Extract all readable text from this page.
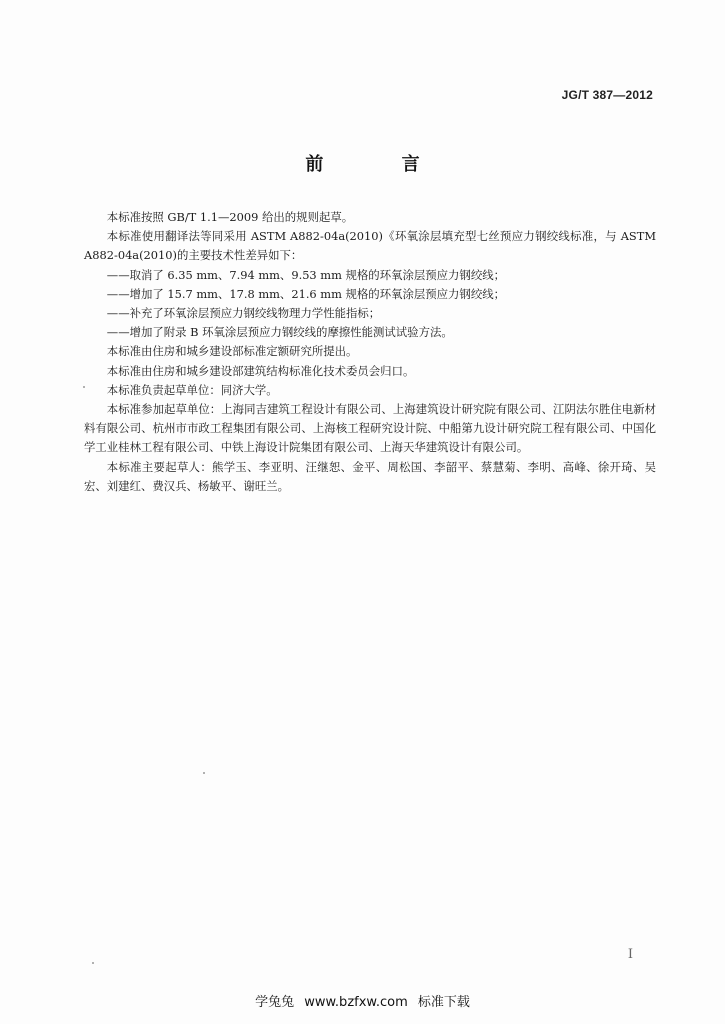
JG/T 387—2012
前 言

本标准按照 GB/T 1.1—2009 给出的规则起草。

本标准使用翻译法等同采用 ASTM A882-04a(2010)《环氧涂层填充型七丝预应力钢绞线标准，与 ASTM A882-04a(2010)的主要技术性差异如下：

——取消了 6.35 mm、7.94 mm、9.53 mm 规格的环氧涂层预应力钢绞线；

——增加了 15.7 mm、17.8 mm、21.6 mm 规格的环氧涂层预应力钢绞线；

——补充了环氧涂层预应力钢绞线物理力学性能指标；

——增加了附录 B 环氧涂层预应力钢绞线的摩擦性能测试试验方法。

本标准由住房和城乡建设部标准定额研究所提出。

本标准由住房和城乡建设部建筑结构标准化技术委员会归口。

本标准负责起草单位：同济大学。

本标准参加起草单位：上海同吉建筑工程设计有限公司、上海建筑设计研究院有限公司、江阴法尔胜住电新材料有限公司、杭州市市政工程集团有限公司、上海核工程研究设计院、中船第九设计研究院工程有限公司、中国化学工业桂林工程有限公司、中铁上海设计院集团有限公司、上海天华建筑设计有限公司。

本标准主要起草人：熊学玉、李亚明、汪继恕、金平、周松国、李韶平、蔡慧菊、李明、高峰、徐开琦、吴宏、刘建红、费汉兵、杨敏平、谢旺兰。

I
学兔兔 www.bzfxw.com 标准下载
